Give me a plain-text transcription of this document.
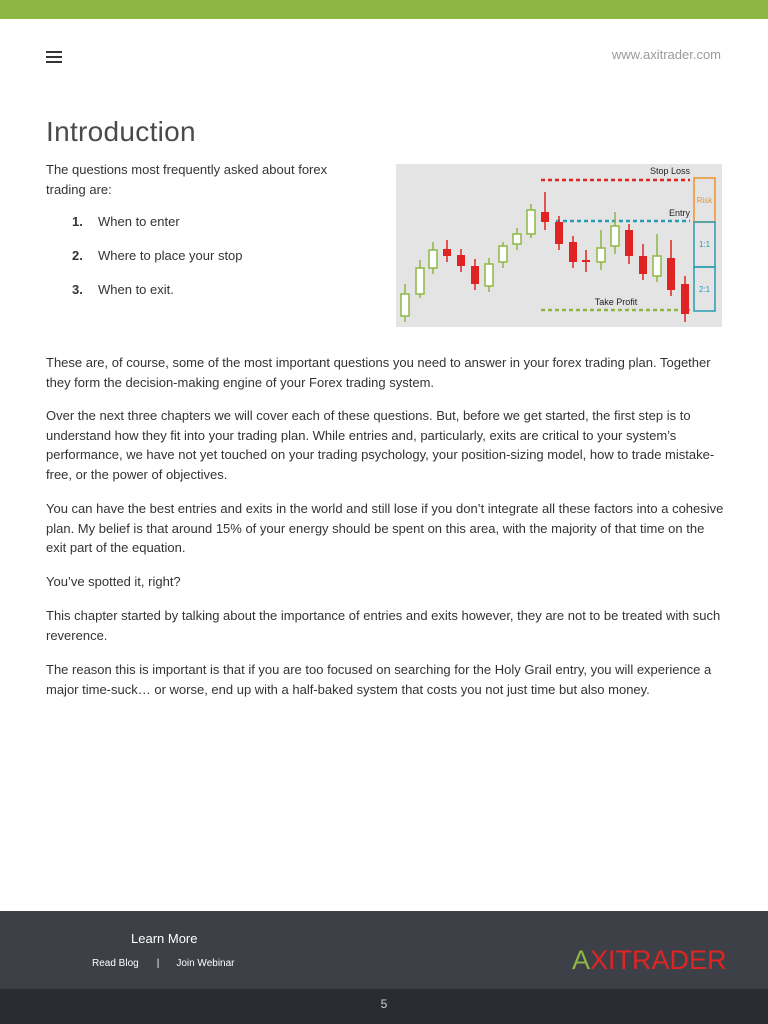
www.axitrader.com
Introduction

The questions most frequently asked about forex trading are:

1. When to enter
2. Where to place your stop
3. When to exit.
Risk
1:1
2:1
Stop Loss
Entry
Take Profit

These are, of course, some of the most important questions you need to answer in your forex trading plan. Together they form the decision-making engine of your Forex trading system.

Over the next three chapters we will cover each of these questions. But, before we get started, the first step is to understand how they fit into your trading plan. While entries and, particularly, exits are critical to your system’s performance, we have not yet touched on your trading psychology, your position-sizing model, how to trade mistake-free, or the power of objectives.

You can have the best entries and exits in the world and still lose if you don’t integrate all these factors into a cohesive plan. My belief is that around 15% of your energy should be spent on this area, with the majority of that time on the exit part of the equation.

You’ve spotted it, right?

This chapter started by talking about the importance of entries and exits however, they are not to be treated with such reverence.

The reason this is important is that if you are too focused on searching for the Holy Grail entry, you will experience a major time-suck… or worse, end up with a half-baked system that costs you not just time but also money.

Learn More
Read Blog | Join Webinar	A X ITRADER
5
